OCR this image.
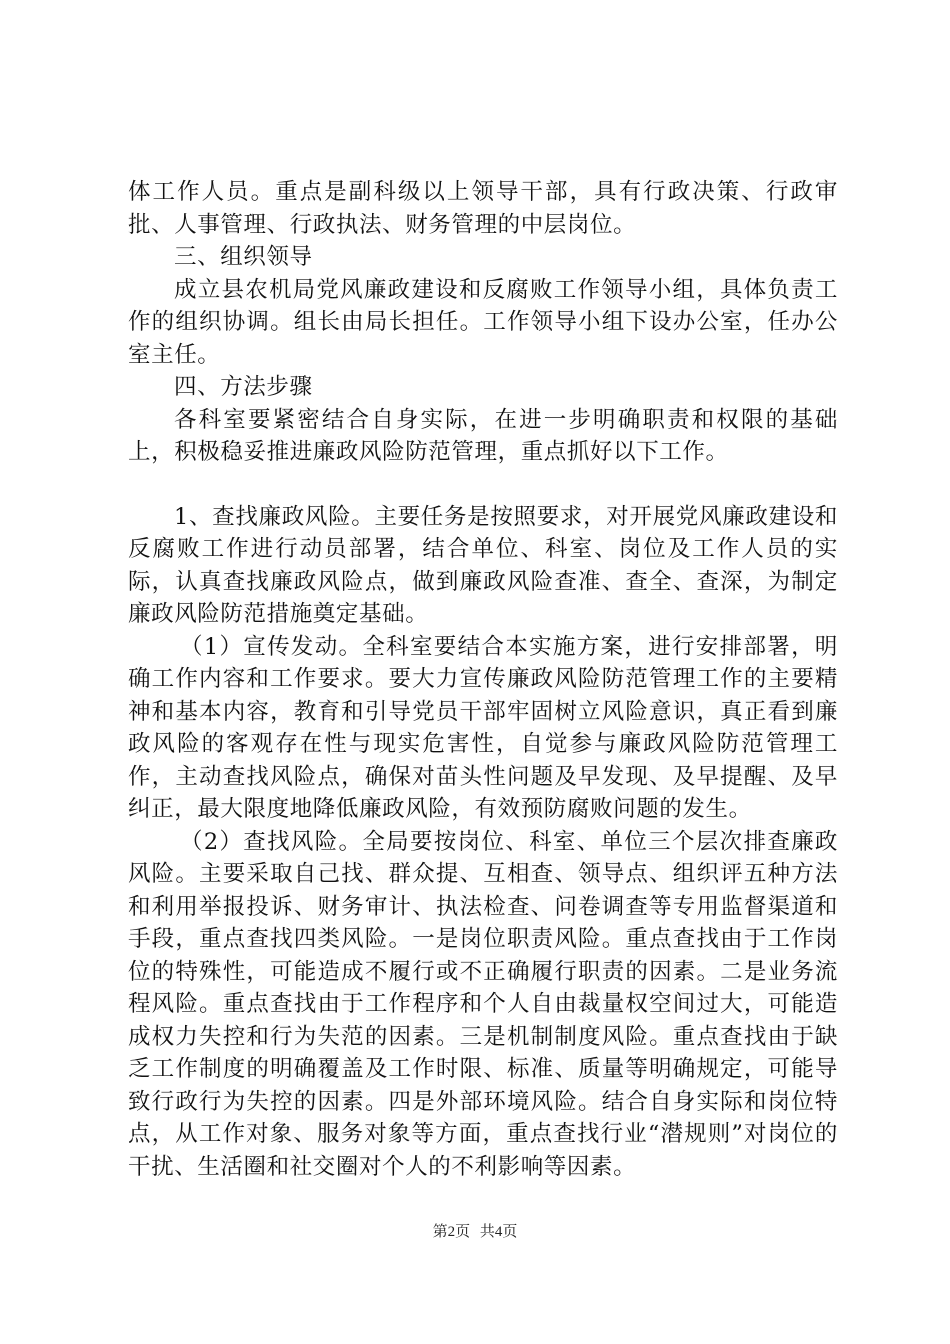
体工作人员。重点是副科级以上领导干部，具有行政决策、行政审批、人事管理、行政执法、财务管理的中层岗位。

三、组织领导

成立县农机局党风廉政建设和反腐败工作领导小组，具体负责工作的组织协调。组长由局长担任。工作领导小组下设办公室，任办公室主任。

四、方法步骤

各科室要紧密结合自身实际，在进一步明确职责和权限的基础上，积极稳妥推进廉政风险防范管理，重点抓好以下工作。

1、查找廉政风险。主要任务是按照要求，对开展党风廉政建设和反腐败工作进行动员部署，结合单位、科室、岗位及工作人员的实际，认真查找廉政风险点，做到廉政风险查准、查全、查深，为制定廉政风险防范措施奠定基础。

（1）宣传发动。全科室要结合本实施方案，进行安排部署，明确工作内容和工作要求。要大力宣传廉政风险防范管理工作的主要精神和基本内容，教育和引导党员干部牢固树立风险意识，真正看到廉政风险的客观存在性与现实危害性，自觉参与廉政风险防范管理工作，主动查找风险点，确保对苗头性问题及早发现、及早提醒、及早纠正，最大限度地降低廉政风险，有效预防腐败问题的发生。

（2）查找风险。全局要按岗位、科室、单位三个层次排查廉政风险。主要采取自己找、群众提、互相查、领导点、组织评五种方法和利用举报投诉、财务审计、执法检查、问卷调查等专用监督渠道和手段，重点查找四类风险。一是岗位职责风险。重点查找由于工作岗位的特殊性，可能造成不履行或不正确履行职责的因素。二是业务流程风险。重点查找由于工作程序和个人自由裁量权空间过大，可能造成权力失控和行为失范的因素。三是机制制度风险。重点查找由于缺乏工作制度的明确覆盖及工作时限、标准、质量等明确规定，可能导致行政行为失控的因素。四是外部环境风险。结合自身实际和岗位特点，从工作对象、服务对象等方面，重点查找行业“潜规则”对岗位的干扰、生活圈和社交圈对个人的不利影响等因素。

第2页 共4页
